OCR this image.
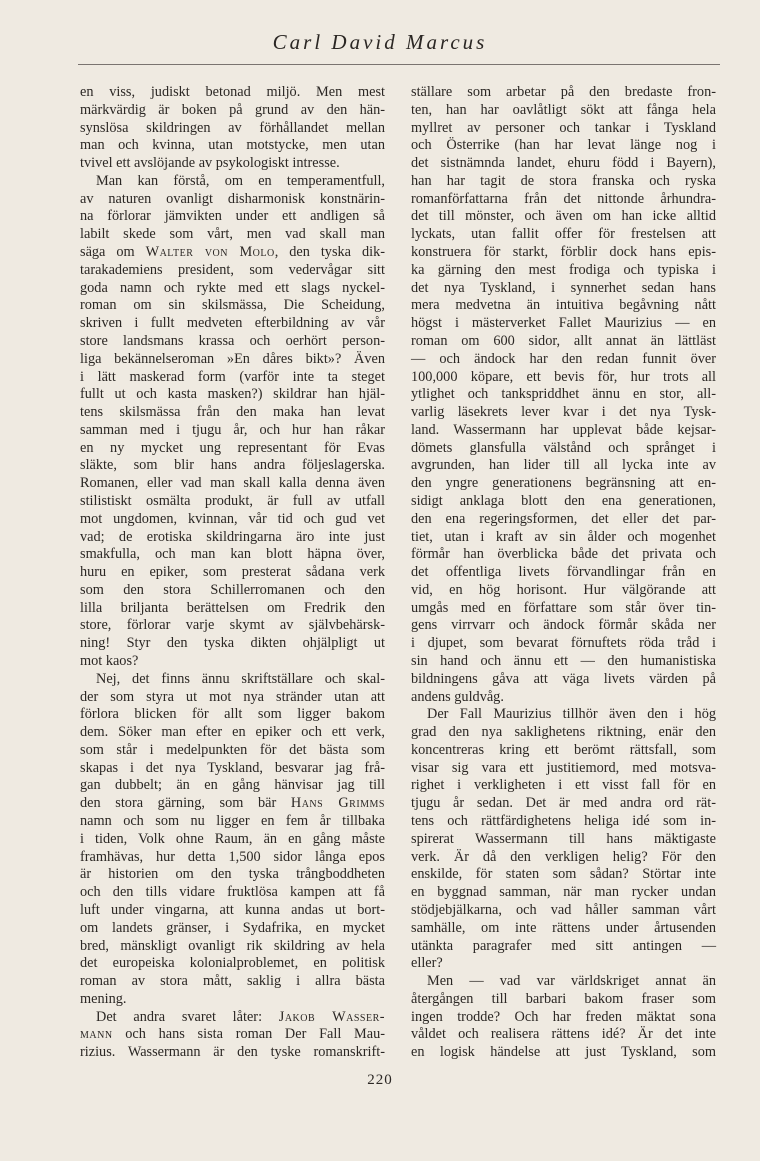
Carl David Marcus
en viss, judiskt betonad miljö. Men mest
märkvärdig är boken på grund av den hän-
synslösa skildringen av förhållandet mellan
man och kvinna, utan motstycke, men utan
tvivel ett avslöjande av psykologiskt intresse.
Man kan förstå, om en temperamentfull,
av naturen ovanligt disharmonisk konstnärin-
na förlorar jämvikten under ett andligen så
labilt skede som vårt, men vad skall man
säga om Walter von Molo, den tyska dik-
tarakademiens president, som vedervågar sitt
goda namn och rykte med ett slags nyckel-
roman om sin skilsmässa, Die Scheidung,
skriven i fullt medveten efterbildning av vår
store landsmans krassa och oerhört person-
liga bekännelseroman »En dåres bikt»? Även
i lätt maskerad form (varför inte ta steget
fullt ut och kasta masken?) skildrar han hjäl-
tens skilsmässa från den maka han levat
samman med i tjugu år, och hur han råkar
en ny mycket ung representant för Evas
släkte, som blir hans andra följeslagerska.
Romanen, eller vad man skall kalla denna även
stilistiskt osmälta produkt, är full av utfall
mot ungdomen, kvinnan, vår tid och gud vet
vad; de erotiska skildringarna äro inte just
smakfulla, och man kan blott häpna över,
huru en epiker, som presterat sådana verk
som den stora Schillerromanen och den
lilla briljanta berättelsen om Fredrik den
store, förlorar varje skymt av självbehärsk-
ning! Styr den tyska dikten ohjälpligt ut
mot kaos?
Nej, det finns ännu skriftställare och skal-
der som styra ut mot nya stränder utan att
förlora blicken för allt som ligger bakom
dem. Söker man efter en epiker och ett verk,
som står i medelpunkten för det bästa som
skapas i det nya Tyskland, besvarar jag frå-
gan dubbelt; än en gång hänvisar jag till
den stora gärning, som bär Hans Grimms
namn och som nu ligger en fem år tillbaka
i tiden, Volk ohne Raum, än en gång måste
framhävas, hur detta 1,500 sidor långa epos
är historien om den tyska trångboddheten
och den tills vidare fruktlösa kampen att få
luft under vingarna, att kunna andas ut bort-
om landets gränser, i Sydafrika, en mycket
bred, mänskligt ovanligt rik skildring av hela
det europeiska kolonialproblemet, en politisk
roman av stora mått, saklig i allra bästa
mening.
Det andra svaret låter: Jakob Wasser-
mann och hans sista roman Der Fall Mau-
rizius. Wassermann är den tyske romanskrift-
ställare som arbetar på den bredaste fron-
ten, han har oavlåtligt sökt att fånga hela
myllret av personer och tankar i Tyskland
och Österrike (han har levat länge nog i
det sistnämnda landet, ehuru född i Bayern),
han har tagit de stora franska och ryska
romanförfattarna från det nittonde århundra-
det till mönster, och även om han icke alltid
lyckats, utan fallit offer för frestelsen att
konstruera för starkt, förblir dock hans epis-
ka gärning den mest frodiga och typiska i
det nya Tyskland, i synnerhet sedan hans
mera medvetna än intuitiva begåvning nått
högst i mästerverket Fallet Maurizius — en
roman om 600 sidor, allt annat än lättläst
— och ändock har den redan funnit över
100,000 köpare, ett bevis för, hur trots all
ytlighet och tankspriddhet ännu en stor, all-
varlig läsekrets lever kvar i det nya Tysk-
land. Wassermann har upplevat både kejsar-
dömets glansfulla välstånd och språnget i
avgrunden, han lider till all lycka inte av
den yngre generationens begränsning att en-
sidigt anklaga blott den ena generationen,
den ena regeringsformen, det eller det par-
tiet, utan i kraft av sin ålder och mogenhet
förmår han överblicka både det privata och
det offentliga livets förvandlingar från en
vid, en hög horisont. Hur välgörande att
umgås med en författare som står över tin-
gens virrvarr och ändock förmår skåda ner
i djupet, som bevarat förnuftets röda tråd i
sin hand och ännu ett — den humanistiska
bildningens gåva att väga livets värden på
andens guldvåg.
Der Fall Maurizius tillhör även den i hög
grad den nya saklighetens riktning, enär den
koncentreras kring ett berömt rättsfall, som
visar sig vara ett justitiemord, med motsva-
righet i verkligheten i ett visst fall för en
tjugu år sedan. Det är med andra ord rät-
tens och rättfärdighetens heliga idé som in-
spirerat Wassermann till hans mäktigaste
verk. Är då den verkligen helig? För den
enskilde, för staten som sådan? Störtar inte
en byggnad samman, när man rycker undan
stödjebjälkarna, och vad håller samman vårt
samhälle, om inte rättens under årtusenden
utänkta paragrafer med sitt antingen —
eller?
Men — vad var världskriget annat än
återgången till barbari bakom fraser som
ingen trodde? Och har freden mäktat sona
våldet och realisera rättens idé? Är det inte
en logisk händelse att just Tyskland, som
220
